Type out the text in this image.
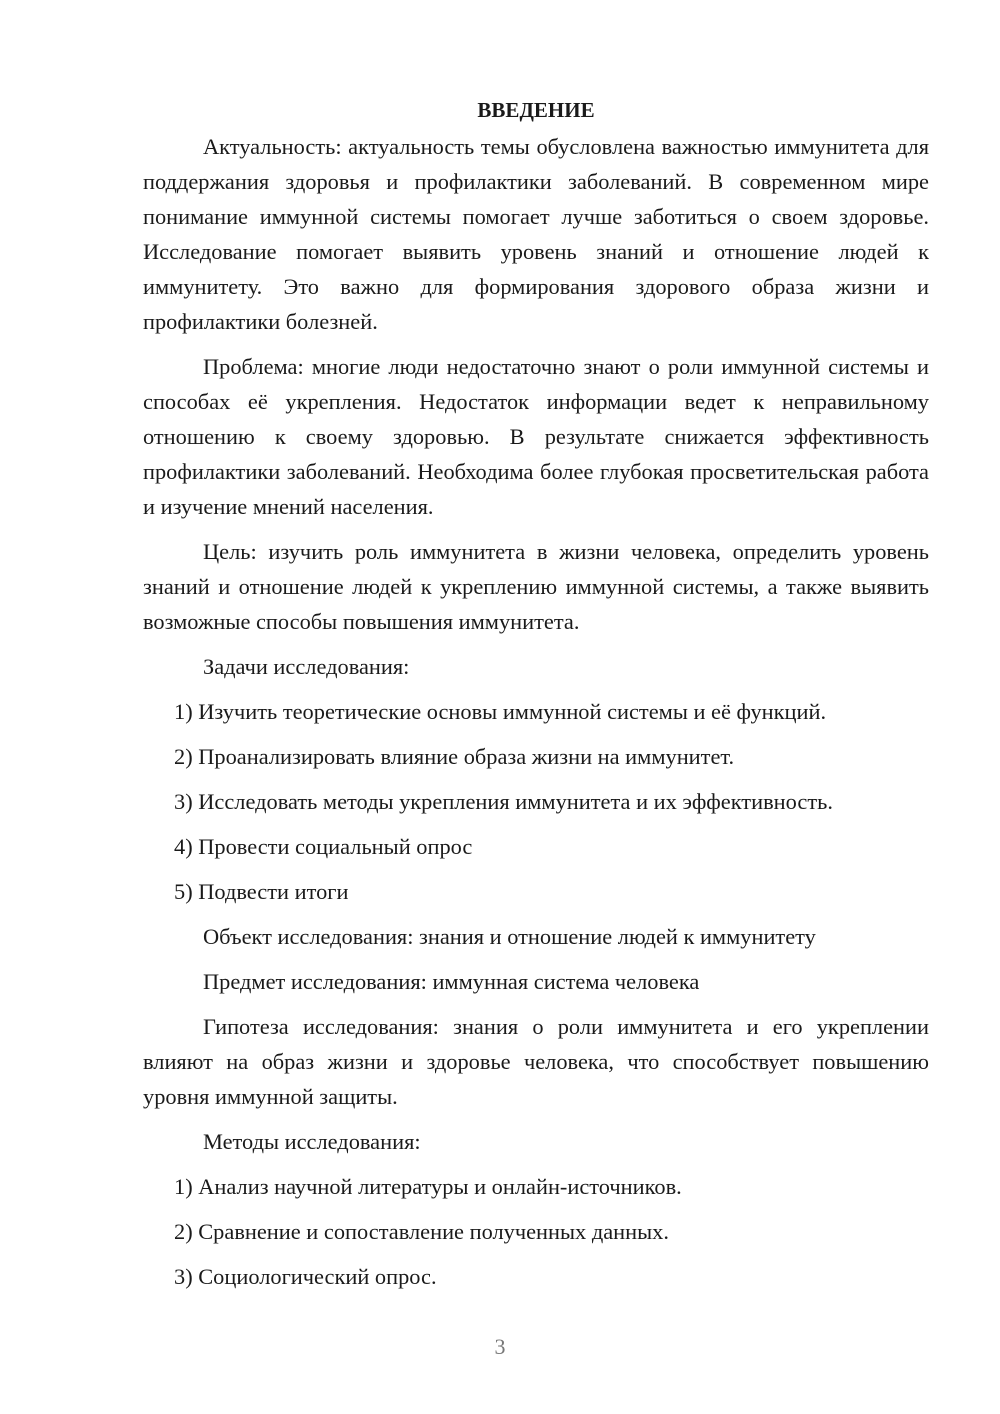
ВВЕДЕНИЕ

Актуальность: актуальность темы обусловлена важностью иммунитета для поддержания здоровья и профилактики заболеваний. В современном мире понимание иммунной системы помогает лучше заботиться о своем здоровье. Исследование помогает выявить уровень знаний и отношение людей к иммунитету. Это важно для формирования здорового образа жизни и профилактики болезней.

Проблема: многие люди недостаточно знают о роли иммунной системы и способах её укрепления. Недостаток информации ведет к неправильному отношению к своему здоровью. В результате снижается эффективность профилактики заболеваний. Необходима более глубокая просветительская работа и изучение мнений населения.

Цель: изучить роль иммунитета в жизни человека, определить уровень знаний и отношение людей к укреплению иммунной системы, а также выявить возможные способы повышения иммунитета.

Задачи исследования:

1) Изучить теоретические основы иммунной системы и её функций.

2) Проанализировать влияние образа жизни на иммунитет.

3) Исследовать методы укрепления иммунитета и их эффективность.

4) Провести социальный опрос

5) Подвести итоги

Объект исследования: знания и отношение людей к иммунитету

Предмет исследования: иммунная система человека

Гипотеза исследования: знания о роли иммунитета и его укреплении влияют на образ жизни и здоровье человека, что способствует повышению уровня иммунной защиты.

Методы исследования:

1) Анализ научной литературы и онлайн-источников.

2) Сравнение и сопоставление полученных данных.

3) Социологический опрос.

3
